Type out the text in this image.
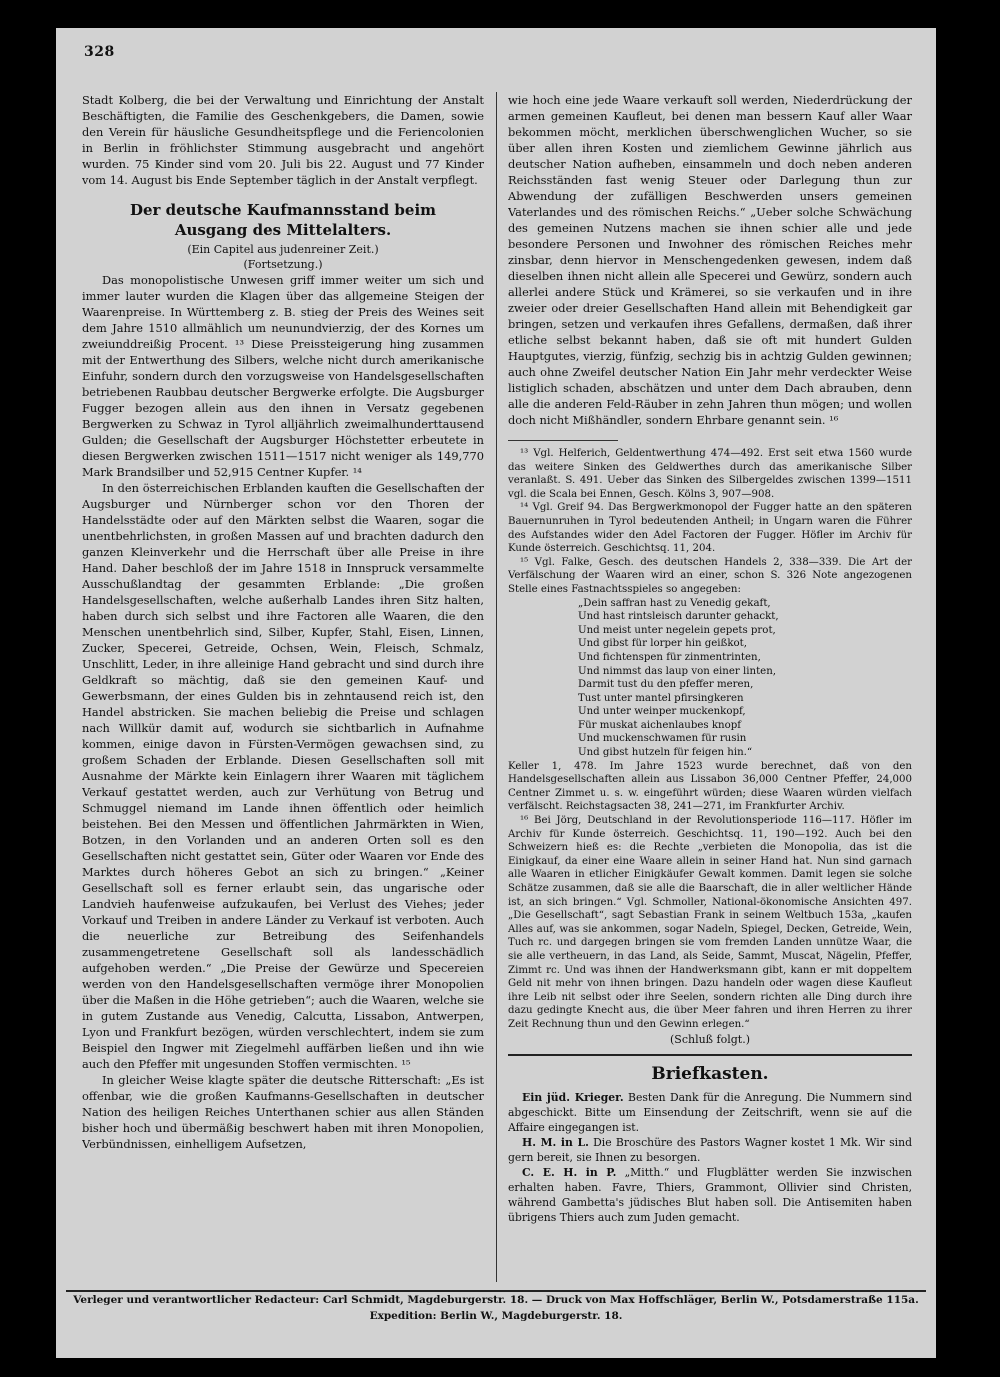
328

Stadt Kolberg, die bei der Verwaltung und Einrichtung der Anstalt Beschäftigten, die Familie des Geschenkgebers, die Damen, sowie den Verein für häusliche Gesundheitspflege und die Feriencolonien in Berlin in fröhlichster Stimmung ausgebracht und angehört wurden. 75 Kinder sind vom 20. Juli bis 22. August und 77 Kinder vom 14. August bis Ende September täglich in der Anstalt verpflegt.

Der deutsche Kaufmannsstand beim Ausgang des Mittelalters.

(Ein Capitel aus judenreiner Zeit.)

(Fortsetzung.)

Das monopolistische Unwesen griff immer weiter um sich und immer lauter wurden die Klagen über das allgemeine Steigen der Waarenpreise. In Württemberg z. B. stieg der Preis des Weines seit dem Jahre 1510 allmählich um neunundvierzig, der des Kornes um zweiunddreißig Procent. ¹³ Diese Preissteigerung hing zusammen mit der Entwerthung des Silbers, welche nicht durch amerikanische Einfuhr, sondern durch den vorzugsweise von Handelsgesellschaften betriebenen Raubbau deutscher Bergwerke erfolgte. Die Augsburger Fugger bezogen allein aus den ihnen in Versatz gegebenen Bergwerken zu Schwaz in Tyrol alljährlich zweimalhunderttausend Gulden; die Gesellschaft der Augsburger Höchstetter erbeutete in diesen Bergwerken zwischen 1511—1517 nicht weniger als 149,770 Mark Brandsilber und 52,915 Centner Kupfer. ¹⁴

In den österreichischen Erblanden kauften die Gesellschaften der Augsburger und Nürnberger schon vor den Thoren der Handelsstädte oder auf den Märkten selbst die Waaren, sogar die unentbehrlichsten, in großen Massen auf und brachten dadurch den ganzen Kleinverkehr und die Herrschaft über alle Preise in ihre Hand. Daher beschloß der im Jahre 1518 in Innspruck versammelte Ausschußlandtag der gesammten Erblande: „Die großen Handelsgesellschaften, welche außerhalb Landes ihren Sitz halten, haben durch sich selbst und ihre Factoren alle Waaren, die den Menschen unentbehrlich sind, Silber, Kupfer, Stahl, Eisen, Linnen, Zucker, Specerei, Getreide, Ochsen, Wein, Fleisch, Schmalz, Unschlitt, Leder, in ihre alleinige Hand gebracht und sind durch ihre Geldkraft so mächtig, daß sie den gemeinen Kauf- und Gewerbsmann, der eines Gulden bis in zehntausend reich ist, den Handel abstricken. Sie machen beliebig die Preise und schlagen nach Willkür damit auf, wodurch sie sichtbarlich in Aufnahme kommen, einige davon in Fürsten-Vermögen gewachsen sind, zu großem Schaden der Erblande. Diesen Gesellschaften soll mit Ausnahme der Märkte kein Einlagern ihrer Waaren mit täglichem Verkauf gestattet werden, auch zur Verhütung von Betrug und Schmuggel niemand im Lande ihnen öffentlich oder heimlich beistehen. Bei den Messen und öffentlichen Jahrmärkten in Wien, Botzen, in den Vorlanden und an anderen Orten soll es den Gesellschaften nicht gestattet sein, Güter oder Waaren vor Ende des Marktes durch höheres Gebot an sich zu bringen.“ „Keiner Gesellschaft soll es ferner erlaubt sein, das ungarische oder Landvieh haufenweise aufzukaufen, bei Verlust des Viehes; jeder Vorkauf und Treiben in andere Länder zu Verkauf ist verboten. Auch die neuerliche zur Betreibung des Seifenhandels zusammengetretene Gesellschaft soll als landesschädlich aufgehoben werden.“ „Die Preise der Gewürze und Specereien werden von den Handelsgesellschaften vermöge ihrer Monopolien über die Maßen in die Höhe getrieben“; auch die Waaren, welche sie in gutem Zustande aus Venedig, Calcutta, Lissabon, Antwerpen, Lyon und Frankfurt bezögen, würden verschlechtert, indem sie zum Beispiel den Ingwer mit Ziegelmehl auffärben ließen und ihn wie auch den Pfeffer mit ungesunden Stoffen vermischten. ¹⁵

In gleicher Weise klagte später die deutsche Ritterschaft: „Es ist offenbar, wie die großen Kaufmanns-Gesellschaften in deutscher Nation des heiligen Reiches Unterthanen schier aus allen Ständen bisher hoch und übermäßig beschwert haben mit ihren Monopolien, Verbündnissen, einhelligem Aufsetzen,

wie hoch eine jede Waare verkauft soll werden, Niederdrückung der armen gemeinen Kaufleut, bei denen man bessern Kauf aller Waar bekommen möcht, merklichen überschwenglichen Wucher, so sie über allen ihren Kosten und ziemlichem Gewinne jährlich aus deutscher Nation aufheben, einsammeln und doch neben anderen Reichsständen fast wenig Steuer oder Darlegung thun zur Abwendung der zufälligen Beschwerden unsers gemeinen Vaterlandes und des römischen Reichs.“ „Ueber solche Schwächung des gemeinen Nutzens machen sie ihnen schier alle und jede besondere Personen und Inwohner des römischen Reiches mehr zinsbar, denn hiervor in Menschengedenken gewesen, indem daß dieselben ihnen nicht allein alle Specerei und Gewürz, sondern auch allerlei andere Stück und Krämerei, so sie verkaufen und in ihre zweier oder dreier Gesellschaften Hand allein mit Behendigkeit gar bringen, setzen und verkaufen ihres Gefallens, dermaßen, daß ihrer etliche selbst bekannt haben, daß sie oft mit hundert Gulden Hauptgutes, vierzig, fünfzig, sechzig bis in achtzig Gulden gewinnen; auch ohne Zweifel deutscher Nation Ein Jahr mehr verdeckter Weise listiglich schaden, abschätzen und unter dem Dach abrauben, denn alle die anderen Feld-Räuber in zehn Jahren thun mögen; und wollen doch nicht Mißhändler, sondern Ehrbare genannt sein. ¹⁶

¹³ Vgl. Helferich, Geldentwerthung 474—492. Erst seit etwa 1560 wurde das weitere Sinken des Geldwerthes durch das amerikanische Silber veranlaßt. S. 491. Ueber das Sinken des Silbergeldes zwischen 1399—1511 vgl. die Scala bei Ennen, Gesch. Kölns 3, 907—908.

¹⁴ Vgl. Greif 94. Das Bergwerkmonopol der Fugger hatte an den späteren Bauernunruhen in Tyrol bedeutenden Antheil; in Ungarn waren die Führer des Aufstandes wider den Adel Factoren der Fugger. Höfler im Archiv für Kunde österreich. Geschichtsq. 11, 204.

¹⁵ Vgl. Falke, Gesch. des deutschen Handels 2, 338—339. Die Art der Verfälschung der Waaren wird an einer, schon S. 326 Note angezogenen Stelle eines Fastnachtsspieles so angegeben:

„Dein saffran hast zu Venedig gekaft,

Und hast rintsleisch darunter gehackt,

Und meist unter negelein gepets prot,

Und gibst für lorper hin geißkot,

Und fichtenspen für zinmentrinten,

Und nimmst das laup von einer linten,

Darmit tust du den pfeffer meren,

Tust unter mantel pfirsingkeren

Und unter weinper muckenkopf,

Für muskat aichenlaubes knopf

Und muckenschwamen für rusin

Und gibst hutzeln für feigen hin.“

Keller 1, 478. Im Jahre 1523 wurde berechnet, daß von den Handelsgesellschaften allein aus Lissabon 36,000 Centner Pfeffer, 24,000 Centner Zimmet u. s. w. eingeführt würden; diese Waaren würden vielfach verfälscht. Reichstagsacten 38, 241—271, im Frankfurter Archiv.

¹⁶ Bei Jörg, Deutschland in der Revolutionsperiode 116—117. Höfler im Archiv für Kunde österreich. Geschichtsq. 11, 190—192. Auch bei den Schweizern hieß es: die Rechte „verbieten die Monopolia, das ist die Einigkauf, da einer eine Waare allein in seiner Hand hat. Nun sind garnach alle Waaren in etlicher Einigkäufer Gewalt kommen. Damit legen sie solche Schätze zusammen, daß sie alle die Baarschaft, die in aller weltlicher Hände ist, an sich bringen.“ Vgl. Schmoller, National-ökonomische Ansichten 497. „Die Gesellschaft“, sagt Sebastian Frank in seinem Weltbuch 153a, „kaufen Alles auf, was sie ankommen, sogar Nadeln, Spiegel, Decken, Getreide, Wein, Tuch rc. und dargegen bringen sie vom fremden Landen unnütze Waar, die sie alle vertheuern, in das Land, als Seide, Sammt, Muscat, Nägelin, Pfeffer, Zimmt rc. Und was ihnen der Handwerksmann gibt, kann er mit doppeltem Geld nit mehr von ihnen bringen. Dazu handeln oder wagen diese Kaufleut ihre Leib nit selbst oder ihre Seelen, sondern richten alle Ding durch ihre dazu gedingte Knecht aus, die über Meer fahren und ihren Herren zu ihrer Zeit Rechnung thun und den Gewinn erlegen.“

(Schluß folgt.)

Briefkasten.

Ein jüd. Krieger. Besten Dank für die Anregung. Die Nummern sind abgeschickt. Bitte um Einsendung der Zeitschrift, wenn sie auf die Affaire eingegangen ist.

H. M. in L. Die Broschüre des Pastors Wagner kostet 1 Mk. Wir sind gern bereit, sie Ihnen zu besorgen.

C. E. H. in P. „Mitth.“ und Flugblätter werden Sie inzwischen erhalten haben. Favre, Thiers, Grammont, Ollivier sind Christen, während Gambetta's jüdisches Blut haben soll. Die Antisemiten haben übrigens Thiers auch zum Juden gemacht.

Verleger und verantwortlicher Redacteur: Carl Schmidt, Magdeburgerstr. 18. — Druck von Max Hoffschläger, Berlin W., Potsdamerstraße 115a.
Expedition: Berlin W., Magdeburgerstr. 18.
